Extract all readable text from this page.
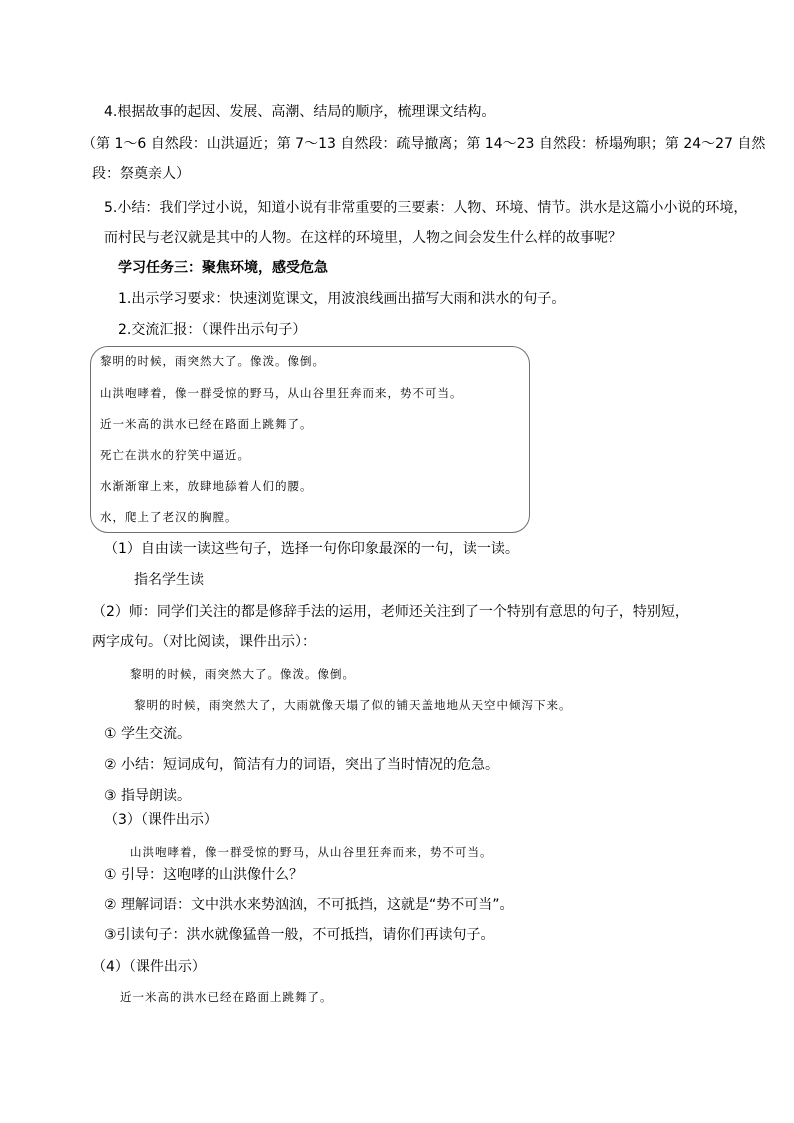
4.根据故事的起因、发展、高潮、结局的顺序，梳理课文结构。
（第 1～6 自然段：山洪逼近；第 7～13 自然段：疏导撤离；第 14～23 自然段：桥塌殉职；第 24～27 自然
段：祭奠亲人）
5.小结：我们学过小说，知道小说有非常重要的三要素：人物、环境、情节。洪水是这篇小小说的环境，
而村民与老汉就是其中的人物。在这样的环境里，人物之间会发生什么样的故事呢？
学习任务三：聚焦环境，感受危急
1.出示学习要求：快速浏览课文，用波浪线画出描写大雨和洪水的句子。
2.交流汇报：（课件出示句子）
黎明的时候，雨突然大了。像泼。像倒。
山洪咆哮着，像一群受惊的野马，从山谷里狂奔而来，势不可当。
近一米高的洪水已经在路面上跳舞了。
死亡在洪水的狞笑中逼近。
水渐渐窜上来，放肆地舔着人们的腰。
水，爬上了老汉的胸膛。
（1）自由读一读这些句子，选择一句你印象最深的一句，读一读。
指名学生读
（2）师：同学们关注的都是修辞手法的运用，老师还关注到了一个特别有意思的句子，特别短，
两字成句。（对比阅读，课件出示）：
黎明的时候，雨突然大了。像泼。像倒。
黎明的时候，雨突然大了，大雨就像天塌了似的铺天盖地地从天空中倾泻下来。
① 学生交流。
② 小结：短词成句，简洁有力的词语，突出了当时情况的危急。
③ 指导朗读。
（3）（课件出示）
山洪咆哮着，像一群受惊的野马，从山谷里狂奔而来，势不可当。
① 引导：这咆哮的山洪像什么？
② 理解词语：文中洪水来势汹汹，不可抵挡，这就是“势不可当”。
③引读句子：洪水就像猛兽一般，不可抵挡，请你们再读句子。
（4）（课件出示）
近一米高的洪水已经在路面上跳舞了。
